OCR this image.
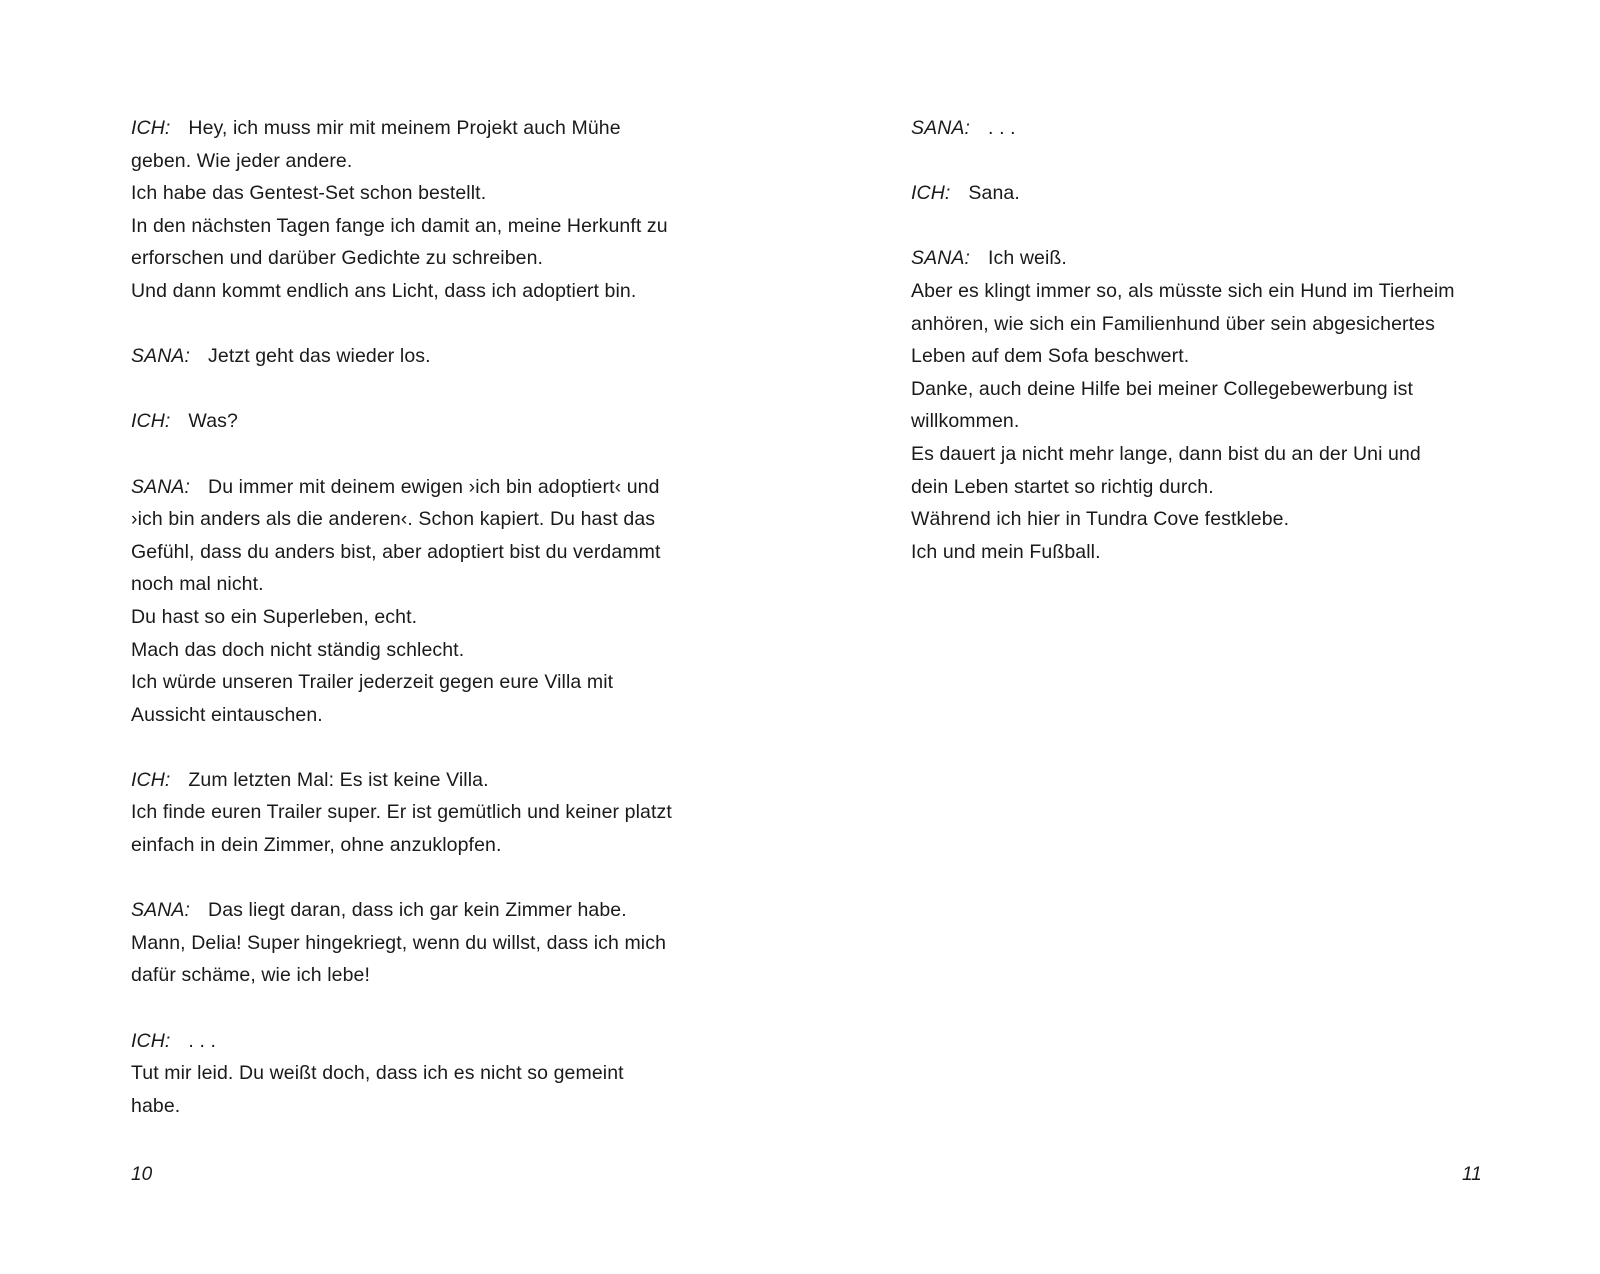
ICH: Hey, ich muss mir mit meinem Projekt auch Mühe
geben. Wie jeder andere.
Ich habe das Gentest-Set schon bestellt.
In den nächsten Tagen fange ich damit an, meine Herkunft zu
erforschen und darüber Gedichte zu schreiben.
Und dann kommt endlich ans Licht, dass ich adoptiert bin.
SANA: Jetzt geht das wieder los.
ICH: Was?
SANA: Du immer mit deinem ewigen ›ich bin adoptiert‹ und
›ich bin anders als die anderen‹. Schon kapiert. Du hast das
Gefühl, dass du anders bist, aber adoptiert bist du verdammt
noch mal nicht.
Du hast so ein Superleben, echt.
Mach das doch nicht ständig schlecht.
Ich würde unseren Trailer jederzeit gegen eure Villa mit
Aussicht eintauschen.
ICH: Zum letzten Mal: Es ist keine Villa.
Ich finde euren Trailer super. Er ist gemütlich und keiner platzt
einfach in dein Zimmer, ohne anzuklopfen.
SANA: Das liegt daran, dass ich gar kein Zimmer habe.
Mann, Delia! Super hingekriegt, wenn du willst, dass ich mich
dafür schäme, wie ich lebe!
ICH: . . .
Tut mir leid. Du weißt doch, dass ich es nicht so gemeint
habe.
SANA: . . .
ICH: Sana.
SANA: Ich weiß.
Aber es klingt immer so, als müsste sich ein Hund im Tierheim
anhören, wie sich ein Familienhund über sein abgesichertes
Leben auf dem Sofa beschwert.
Danke, auch deine Hilfe bei meiner Collegebewerbung ist
willkommen.
Es dauert ja nicht mehr lange, dann bist du an der Uni und
dein Leben startet so richtig durch.
Während ich hier in Tundra Cove festklebe.
Ich und mein Fußball.
10	11
